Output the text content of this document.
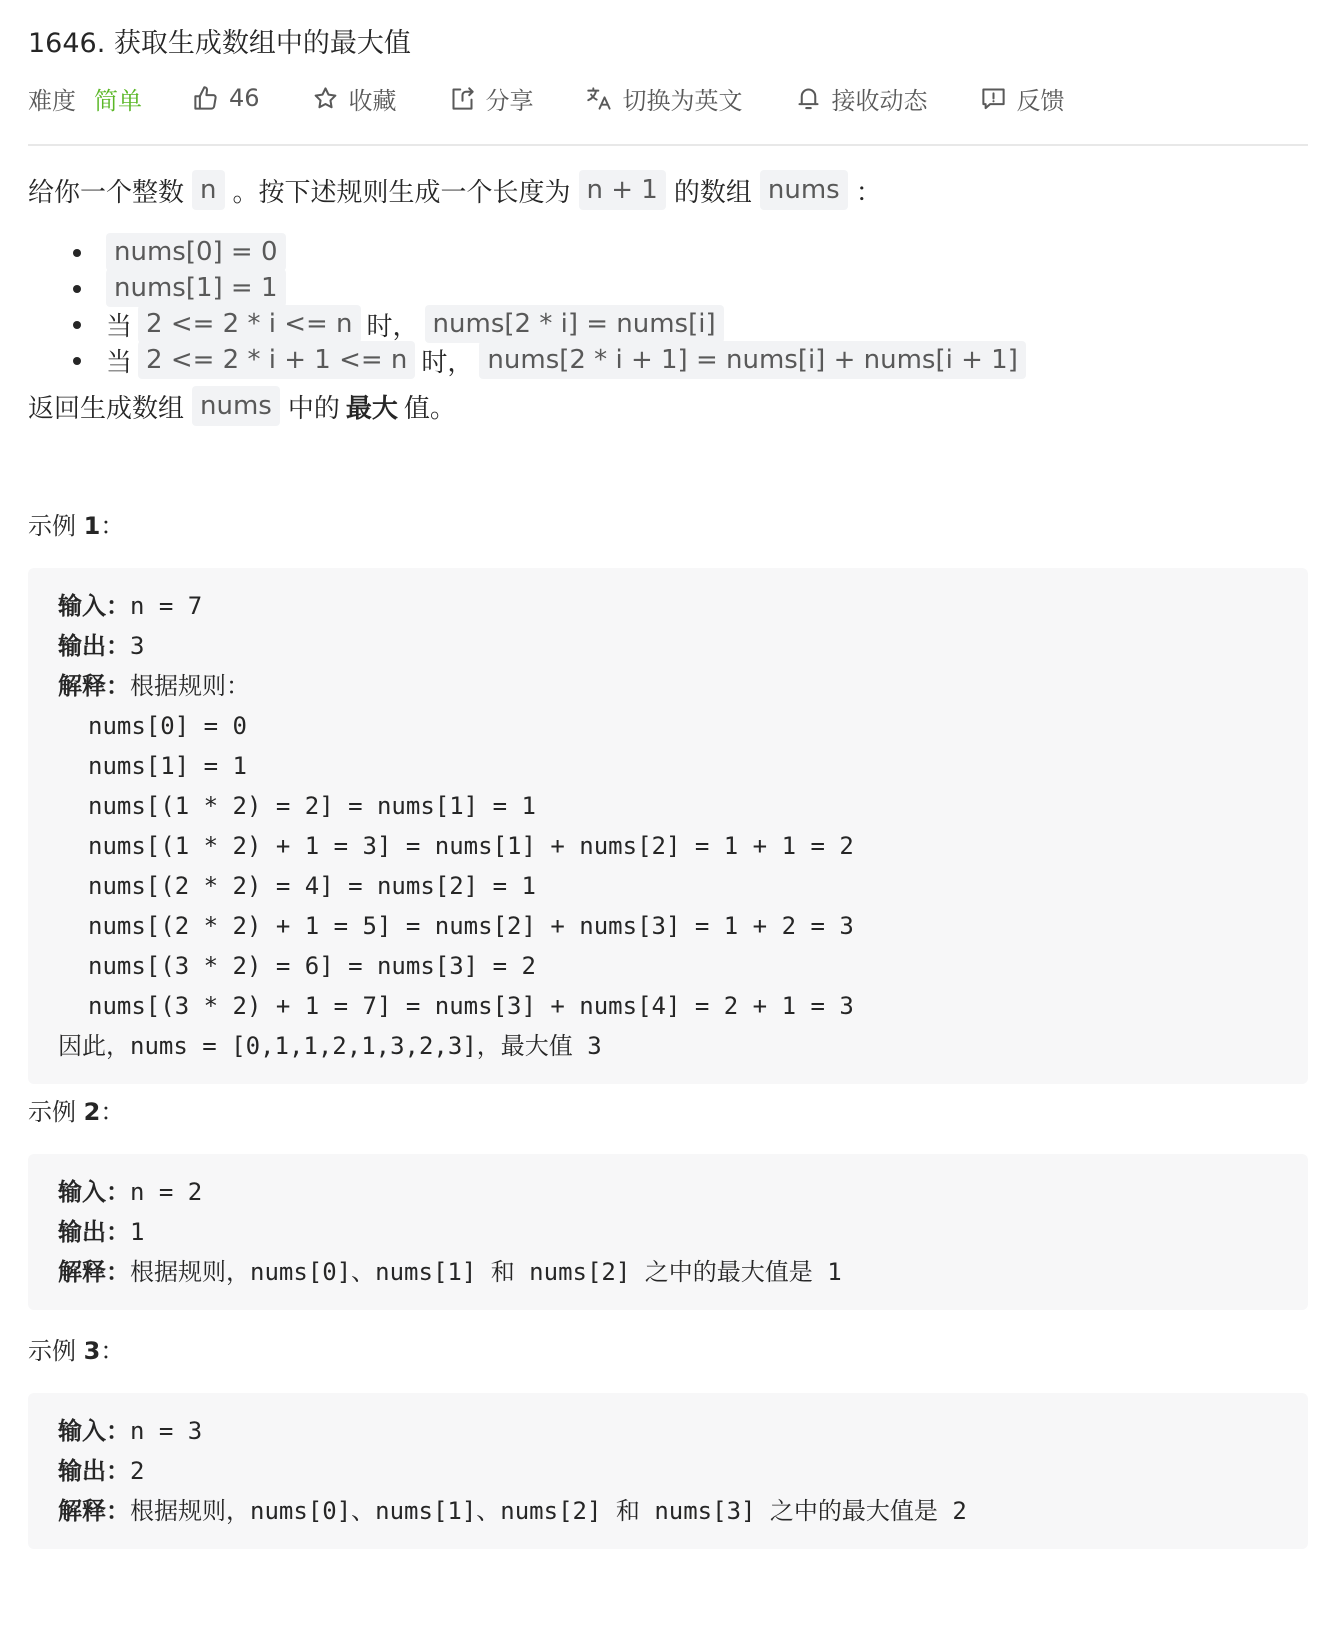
1646. 获取生成数组中的最大值
难度 简单	46	收藏	分享	切换为英文	接收动态	反馈

给你一个整数 n 。按下述规则生成一个长度为 n + 1 的数组 nums ：

nums[0] = 0
nums[1] = 1
当 2 <= 2 * i <= n 时， nums[2 * i] = nums[i]
当 2 <= 2 * i + 1 <= n 时， nums[2 * i + 1] = nums[i] + nums[i + 1]

返回生成数组 nums 中的 最大 值。

示例 1：

输入：n = 7
输出：3
解释：根据规则：
nums[0] = 0
nums[1] = 1
nums[(1 * 2) = 2] = nums[1] = 1
nums[(1 * 2) + 1 = 3] = nums[1] + nums[2] = 1 + 1 = 2
nums[(2 * 2) = 4] = nums[2] = 1
nums[(2 * 2) + 1 = 5] = nums[2] + nums[3] = 1 + 2 = 3
nums[(3 * 2) = 6] = nums[3] = 2
nums[(3 * 2) + 1 = 7] = nums[3] + nums[4] = 2 + 1 = 3
因此，nums = [0,1,1,2,1,3,2,3]，最大值 3

示例 2：

输入：n = 2
输出：1
解释：根据规则，nums[0]、nums[1] 和 nums[2] 之中的最大值是 1

示例 3：

输入：n = 3
输出：2
解释：根据规则，nums[0]、nums[1]、nums[2] 和 nums[3] 之中的最大值是 2
